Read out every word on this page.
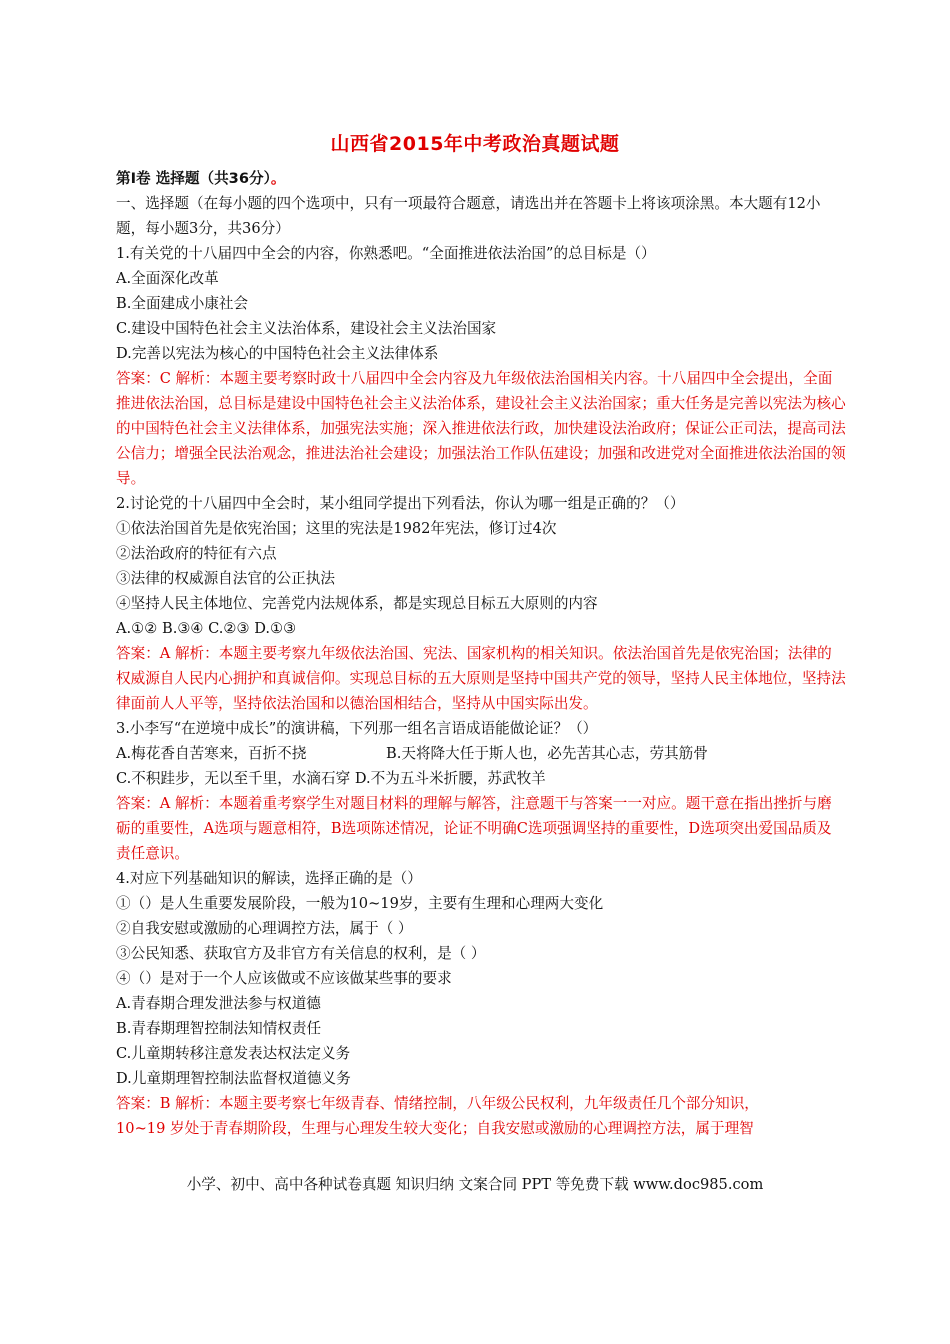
山西省2015年中考政治真题试题
第Ⅰ卷 选择题（共36分）。
一、选择题（在每小题的四个选项中，只有一项最符合题意，请选出并在答题卡上将该项涂黑。本大题有12小题，每小题3分，共36分）
1.有关党的十八届四中全会的内容，你熟悉吧。“全面推进依法治国”的总目标是（）
A.全面深化改革
B.全面建成小康社会
C.建设中国特色社会主义法治体系，建设社会主义法治国家
D.完善以宪法为核心的中国特色社会主义法律体系
答案：C 解析：本题主要考察时政十八届四中全会内容及九年级依法治国相关内容。十八届四中全会提出，全面推进依法治国，总目标是建设中国特色社会主义法治体系，建设社会主义法治国家；重大任务是完善以宪法为核心的中国特色社会主义法律体系，加强宪法实施；深入推进依法行政，加快建设法治政府；保证公正司法，提高司法公信力；增强全民法治观念，推进法治社会建设；加强法治工作队伍建设；加强和改进党对全面推进依法治国的领导。
2.讨论党的十八届四中全会时，某小组同学提出下列看法，你认为哪一组是正确的？（）
①依法治国首先是依宪治国；这里的宪法是1982年宪法，修订过4次
②法治政府的特征有六点
③法律的权威源自法官的公正执法
④坚持人民主体地位、完善党内法规体系，都是实现总目标五大原则的内容
A.①② B.③④ C.②③ D.①③
答案：A 解析：本题主要考察九年级依法治国、宪法、国家机构的相关知识。依法治国首先是依宪治国；法律的权威源自人民内心拥护和真诚信仰。实现总目标的五大原则是坚持中国共产党的领导，坚持人民主体地位，坚持法律面前人人平等，坚持依法治国和以德治国相结合，坚持从中国实际出发。
3.小李写“在逆境中成长”的演讲稿，下列那一组名言语成语能做论证？（）
A.梅花香自苦寒来，百折不挠	B.天将降大任于斯人也，必先苦其心志，劳其筋骨
C.不积跬步，无以至千里，水滴石穿 D.不为五斗米折腰，苏武牧羊
答案：A 解析：本题着重考察学生对题目材料的理解与解答，注意题干与答案一一对应。题干意在指出挫折与磨砺的重要性，A选项与题意相符，B选项陈述情况，论证不明确C选项强调坚持的重要性，D选项突出爱国品质及责任意识。
4.对应下列基础知识的解读，选择正确的是（）
①（）是人生重要发展阶段，一般为10~19岁，主要有生理和心理两大变化
②自我安慰或激励的心理调控方法，属于（ ）
③公民知悉、获取官方及非官方有关信息的权利，是（ ）
④（）是对于一个人应该做或不应该做某些事的要求
A.青春期合理发泄法参与权道德
B.青春期理智控制法知情权责任
C.儿童期转移注意发表达权法定义务
D.儿童期理智控制法监督权道德义务
答案：B 解析：本题主要考察七年级青春、情绪控制，八年级公民权利，九年级责任几个部分知识，
10~19 岁处于青春期阶段，生理与心理发生较大变化；自我安慰或激励的心理调控方法，属于理智
小学、初中、高中各种试卷真题 知识归纳 文案合同 PPT 等免费下载 www.doc985.com
